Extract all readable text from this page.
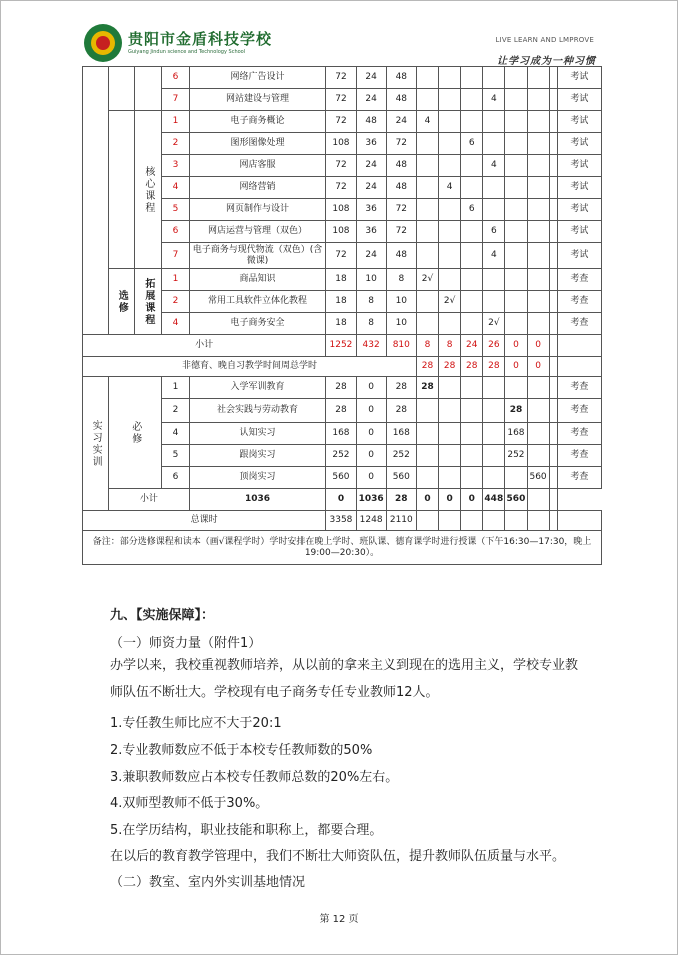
贵阳市金盾科技学校
Guiyang Jindun science and Technology School
LIVE LEARN AND LMPROVE
让学习成为一种习惯
			6	网络广告设计	72	24	48								考试
			7	网站建设与管理	72	24	48				4				考试

		核心课程	1	电子商务概论	72	48	24	4							考试
			2	图形图像处理	108	36	72			6					考试
			3	网店客服	72	24	48				4				考试
			4	网络营销	72	24	48		4						考试
			5	网页制作与设计	108	36	72			6					考试
			6	网店运营与管理（双色）	108	36	72				6				考试
			7	电子商务与现代物流（双色）(含微课)	72	24	48				4				考试

	选修	拓展课程	1	商品知识	18	10	8	2√							考查
			2	常用工具软件立体化教程	18	8	10		2√						考查
			4	电子商务安全	18	8	10				2√				考查
小计					1252	432	810	8	8	24	26	0	0		
非德育、晚自习教学时间周总学时								28	28	28	28	0	0		

实习实训	必修		1	入学军训教育	28	0	28	28							考查
			2	社会实践与劳动教育	28	0	28					28			考查
			4	认知实习	168	0	168					168			考查
			5	跟岗实习	252	0	252					252			考查
			6	顶岗实习	560	0	560						560		考查
	小计			1036	0	1036	28	0	0	0	448	560			
总课时					3358	1248	2110								
备注：部分选修课程和读本（画√课程学时）学时安排在晚上学时、班队课、德育课学时进行授课（下午16:30—17:30，晚上19:00—20:30）。															
九、【实施保障】：
（一）师资力量（附件1）
办学以来，我校重视教师培养，从以前的拿来主义到现在的选用主义，学校专业教师队伍不断壮大。学校现有电子商务专任专业教师12人。
1.专任教生师比应不大于20:1
2.专业教师数应不低于本校专任教师数的50%
3.兼职教师数应占本校专任教师总数的20%左右。
4.双师型教师不低于30%。
5.在学历结构，职业技能和职称上，都要合理。
在以后的教育教学管理中，我们不断壮大师资队伍，提升教师队伍质量与水平。
（二）教室、室内外实训基地情况
第 12 页
